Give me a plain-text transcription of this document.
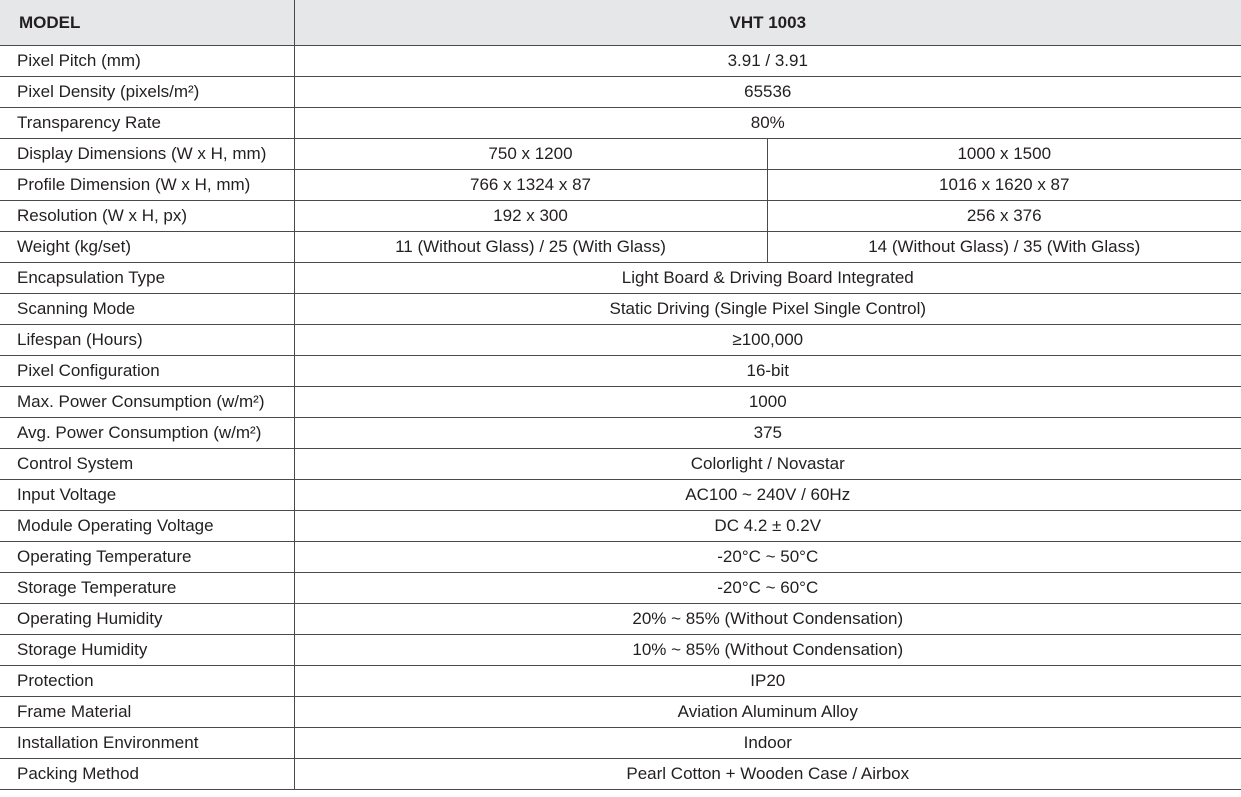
MODEL	VHT 1003	
Pixel Pitch (mm)	3.91 / 3.91	
Pixel Density (pixels/m²)	65536	
Transparency Rate	80%	
Display Dimensions (W x H, mm)	750 x 1200	1000 x 1500
Profile Dimension (W x H, mm)	766 x 1324 x 87	1016 x 1620 x 87
Resolution (W x H, px)	192 x 300	256 x 376
Weight (kg/set)	11 (Without Glass) / 25 (With Glass)	14 (Without Glass) / 35 (With Glass)
Encapsulation Type	Light Board & Driving Board Integrated	
Scanning Mode	Static Driving (Single Pixel Single Control)	
Lifespan (Hours)	≥100,000	
Pixel Configuration	16-bit	
Max. Power Consumption (w/m²)	1000	
Avg. Power Consumption (w/m²)	375	
Control System	Colorlight / Novastar	
Input Voltage	AC100 ~ 240V / 60Hz	
Module Operating Voltage	DC 4.2 ± 0.2V	
Operating Temperature	-20°C ~ 50°C	
Storage Temperature	-20°C ~ 60°C	
Operating Humidity	20% ~ 85% (Without Condensation)	
Storage Humidity	10% ~ 85% (Without Condensation)	
Protection	IP20	
Frame Material	Aviation Aluminum Alloy	
Installation Environment	Indoor	
Packing Method	Pearl Cotton + Wooden Case / Airbox	
